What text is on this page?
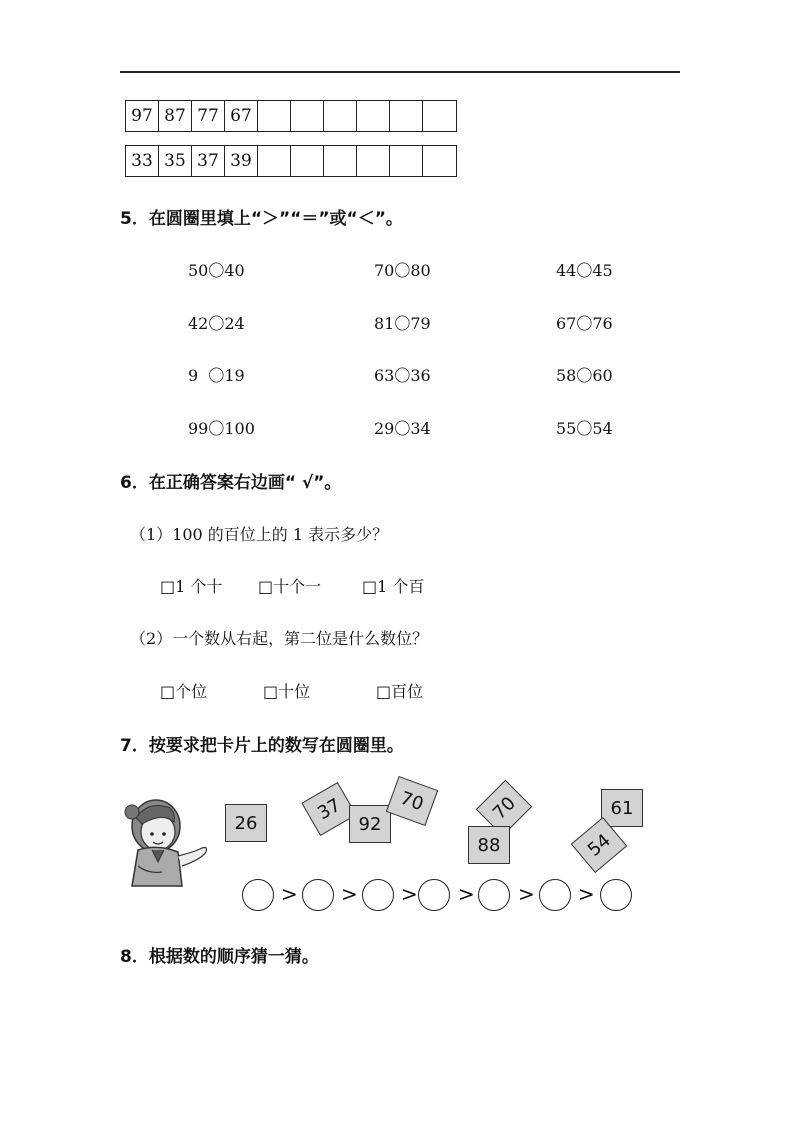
97 87 77 67
33 35 37 39
5．在圆圈里填上“＞”“＝”或“＜”。
50〇40	70〇80	44〇45
42〇24	81〇79	67〇76
9  〇19	63〇36	58〇60
99〇100	29〇34	55〇54
6．在正确答案右边画“ √”。
（1）100 的百位上的 1 表示多少？
□1 个十 □十个一	□1 个百
（2）一个数从右起，第二位是什么数位？
□个位	□十位	□百位
7．按要求把卡片上的数写在圆圈里。
26	37
92
70	70
88
61
54
> > > > > >
8．根据数的顺序猜一猜。
